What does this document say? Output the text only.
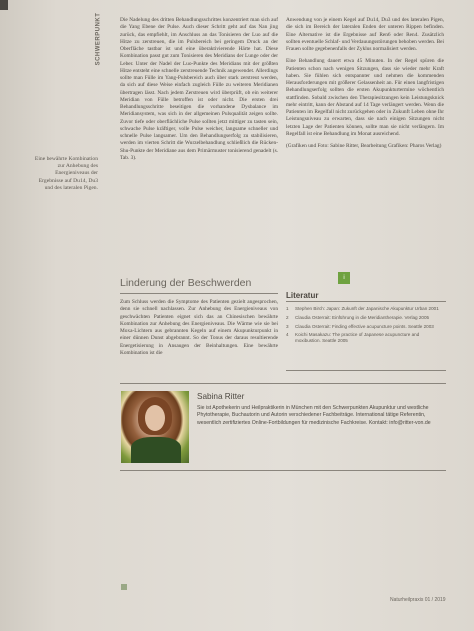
SCHWERPUNKT
Eine bewährte Kombination zur Anhebung des Energieniveaus der Ergebnisse auf Du14, Du3 und des lateralen Pigen.

Die Nadelung des dritten Behandlungsschrittes konzentriert man sich auf die Yang Ebene der Pulse. Auch dieser Schritt geht auf das Nan jing zurück, das empfiehlt, im Anschluss an das Tonisieren der Luo auf die Hitze zu zerstreuen, die im Pulsbereich bei geringem Druck an der Oberfläche tastbar ist und eine überaktivierende Härte hat. Diese Kombination passt gut zum Tonisieren des Meridians der Lunge oder der Leber. Unter der Nadel der Luo-Punkte des Meridians mit der größten Hitze entsteht eine schnelle zerstreuende Technik angewendet. Allerdings sollte man Fülle im Yang-Pulsbereich auch über stark zerstreut werden, da sich auf diese Weise einfach zugleich Fülle zu weiteren Meridianen übertragen lässt. Nach jedem Zerstreuen wird überprüft, ob ein weiterer Meridian von Fülle betroffen ist oder nicht. Die ersten drei Behandlungsschritte beseitigen die vorhandene Dysbalance im Meridiansystem, was sich in der allgemeinen Pulsqualität zeigen sollte. Zuvor tiefe oder oberflächliche Pulse sollten jetzt mittiger zu tasten sein, schwache Pulse kräftiger, volle Pulse weicher, langsame schneller und schnelle Pulse langsamer. Um den Behandlungserfolg zu stabilisieren, werden im vierten Schritt die Wurzelbehandlung schließlich die Rücken-Shu-Punkte der Meridiane aus dem Primärmuster tonisierend genadelt (s. Tab. 3).

Linderung der Beschwerden

Zum Schluss werden die Symptome des Patienten gezielt angesprochen, denn sie schnell nachlassen. Zur Anhebung des Energieniveaus von geschwächten Patienten eignet sich das an Chinesischen bewährte Kombination zur Anhebung des Energieniveaus. Die Wärme wie sie bei Moxa-Lichtern aus gebrannten Kegeln auf einem Akupunkturpunkt in einer dünnen Dunst abgebrannt. So der Tonus der daraus resultierende Energetisierung in Ansaugen der Beinhaltungen. Eine bewährte Kombination ist die

Anwendung von je einem Kegel auf Du14, Du3 und des lateralen Pigen, die sich im Bereich der lateralen Enden der unteren Rippen befinden. Eine Alternative ist die Ergebnisse auf Ren6 oder Ren4. Zusätzlich sollten eventuelle Schlaf- und Verdauungsstörungen behoben werden. Bei Frauen sollte gegebenenfalls der Zyklus normalisiert werden.

Eine Behandlung dauert etwa 45 Minuten. In der Regel spüren die Patienten schon nach wenigen Sitzungen, dass sie wieder mehr Kraft haben. Sie fühlen sich entspannter und nehmen die kommenden Herausforderungen mit größerer Gelassenheit an. Für einen langfristigen Behandlungserfolg sollten die ersten Akupunkturtermine wöchentlich stattfinden. Sobald zwischen den Therapiesitzungen kein Leistungsknick mehr eintritt, kann der Abstand auf 14 Tage verlängert werden. Wenn die Patienten im Regelfall nicht zurückgehen oder in Zukunft Leben ohne Ihr Leistungsniveau zu erwarten, dass sie nach einigen Sitzungen nicht letzten Lage der Patienten können, sollte man sie nicht verlängern. Im Regelfall ist eine Behandlung im Monat ausreichend.

(Grafiken und Foto: Sabine Ritter, Bearbeitung Grafiken: Pharos Verlag)

i
Literatur
1 Stephen Birch: Japan: Zukunft der Japanische Akupunktur Urban 2001
2 Claudia Osterrait: Einführung in die Meridiantherapie. Verlag 2005
3 Claudia Osterrait: Finding effective acupuncture points. Seattle 2003
4 Koichi Masakazu: The practice of Japanese acupuncture and moxibustion. Seattle 2005
Sabina Ritter
Sie ist Apothekerin und Heilpraktikerin in München mit den Schwerpunkten Akupunktur und westliche Phytotherapie, Buchautorin und Autorin verschiedener Fachbeiträge. International tätige Referentin, wesentlich zertifiziertes Online-Fortbildungen für medizinische Fachkreise. Kontakt: info@ritter-von.de
Naturheilpraxis 01 / 2019
